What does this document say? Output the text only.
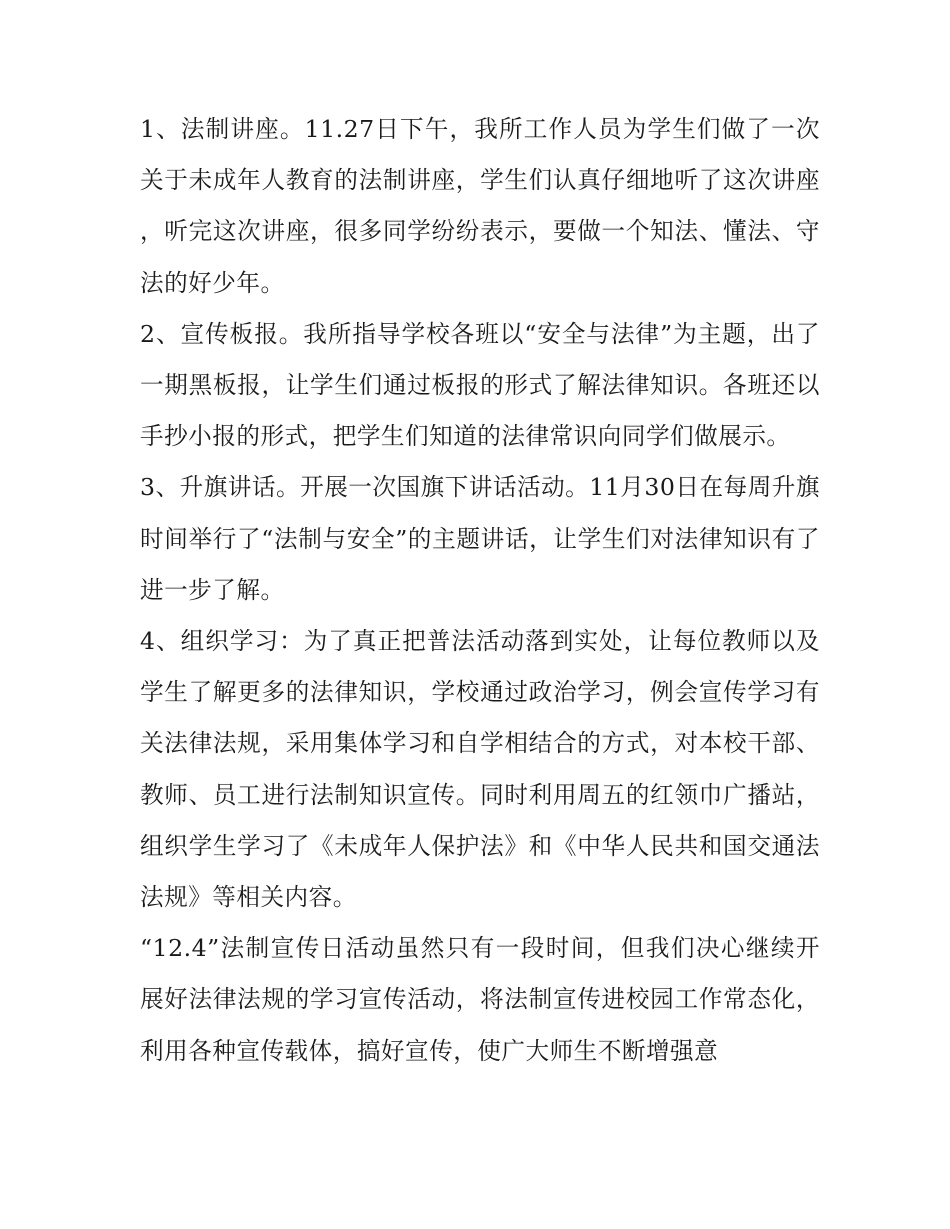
1、法制讲座。11.27日下午，我所工作人员为学生们做了一次关于未成年人教育的法制讲座，学生们认真仔细地听了这次讲座，听完这次讲座，很多同学纷纷表示，要做一个知法、懂法、守法的好少年。

2、宣传板报。我所指导学校各班以“安全与法律”为主题，出了一期黑板报，让学生们通过板报的形式了解法律知识。各班还以手抄小报的形式，把学生们知道的法律常识向同学们做展示。

3、升旗讲话。开展一次国旗下讲话活动。11月30日在每周升旗时间举行了“法制与安全”的主题讲话，让学生们对法律知识有了进一步了解。

4、组织学习：为了真正把普法活动落到实处，让每位教师以及学生了解更多的法律知识，学校通过政治学习，例会宣传学习有关法律法规，采用集体学习和自学相结合的方式，对本校干部、教师、员工进行法制知识宣传。同时利用周五的红领巾广播站，组织学生学习了《未成年人保护法》和《中华人民共和国交通法法规》等相关内容。

“12.4”法制宣传日活动虽然只有一段时间，但我们决心继续开展好法律法规的学习宣传活动，将法制宣传进校园工作常态化，利用各种宣传载体，搞好宣传，使广大师生不断增强意
